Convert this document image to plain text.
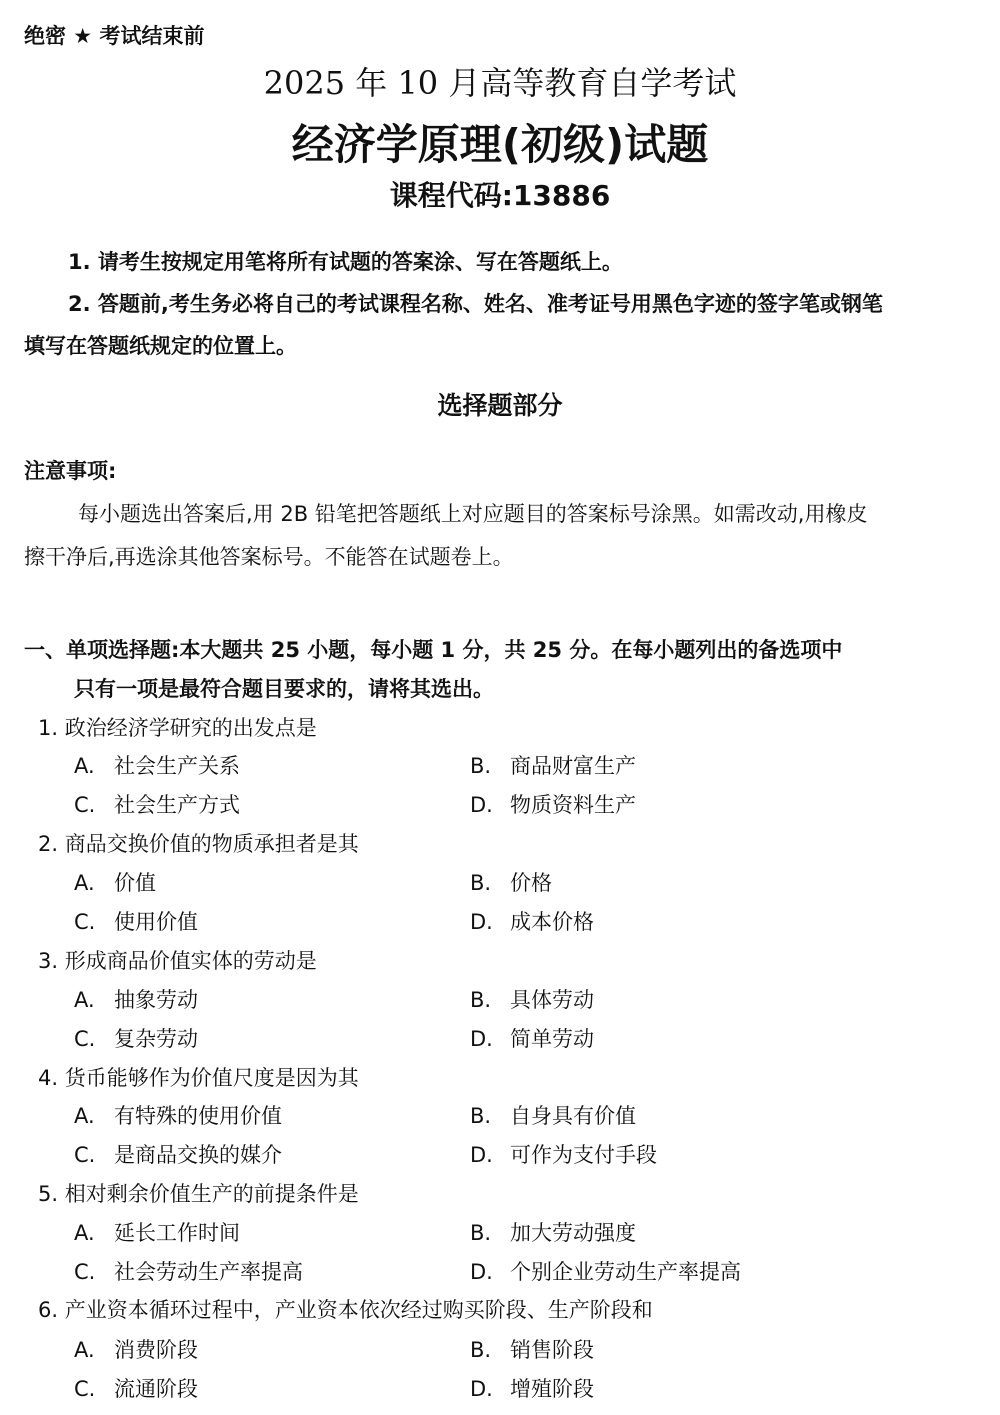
绝密 ★ 考试结束前
2025 年 10 月高等教育自学考试
经济学原理(初级)试题
课程代码:13886
1. 请考生按规定用笔将所有试题的答案涂、写在答题纸上。
2. 答题前,考生务必将自己的考试课程名称、姓名、准考证号用黑色字迹的签字笔或钢笔
填写在答题纸规定的位置上。
选择题部分
注意事项:
每小题选出答案后,用 2B 铅笔把答题纸上对应题目的答案标号涂黑。如需改动,用橡皮
擦干净后,再选涂其他答案标号。不能答在试题卷上。
一、单项选择题:本大题共 25 小题，每小题 1 分，共 25 分。在每小题列出的备选项中
只有一项是最符合题目要求的，请将其选出。
1. 政治经济学研究的出发点是
A. 社会生产关系	B. 商品财富生产
C. 社会生产方式	D. 物质资料生产
2. 商品交换价值的物质承担者是其
A. 价值	B. 价格
C. 使用价值	D. 成本价格
3. 形成商品价值实体的劳动是
A. 抽象劳动	B. 具体劳动
C. 复杂劳动	D. 简单劳动
4. 货币能够作为价值尺度是因为其
A. 有特殊的使用价值	B. 自身具有价值
C. 是商品交换的媒介	D. 可作为支付手段
5. 相对剩余价值生产的前提条件是
A. 延长工作时间	B. 加大劳动强度
C. 社会劳动生产率提高	D. 个别企业劳动生产率提高
6. 产业资本循环过程中，产业资本依次经过购买阶段、生产阶段和
A. 消费阶段	B. 销售阶段
C. 流通阶段	D. 增殖阶段
